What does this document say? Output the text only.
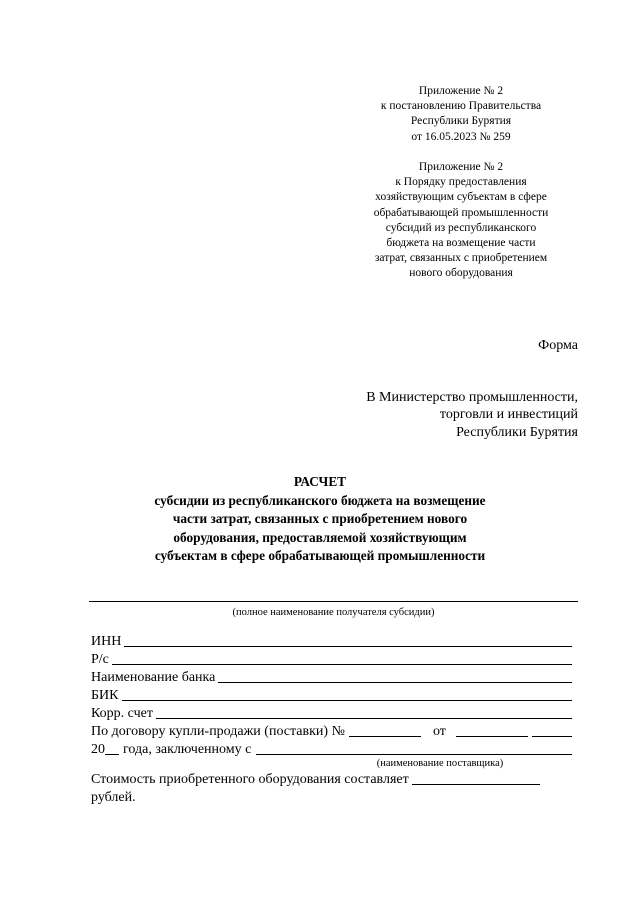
Приложение № 2
к постановлению Правительства
Республики Бурятия
от 16.05.2023 № 259
Приложение № 2
к Порядку предоставления
хозяйствующим субъектам в сфере
обрабатывающей промышленности
субсидий из республиканского
бюджета на возмещение части
затрат, связанных с приобретением
нового оборудования
Форма
В Министерство промышленности,
торговли и инвестиций
Республики Бурятия
РАСЧЕТ
субсидии из республиканского бюджета на возмещение
части затрат, связанных с приобретением нового
оборудования, предоставляемой хозяйствующим
субъектам в сфере обрабатывающей промышленности
(полное наименование получателя субсидии)
ИНН
Р/с
Наименование банка
БИК
Корр. счет
По договору купли-продажи (поставки) №	от
20 года, заключенному с
(наименование поставщика)
Стоимость приобретенного оборудования составляет
рублей.
